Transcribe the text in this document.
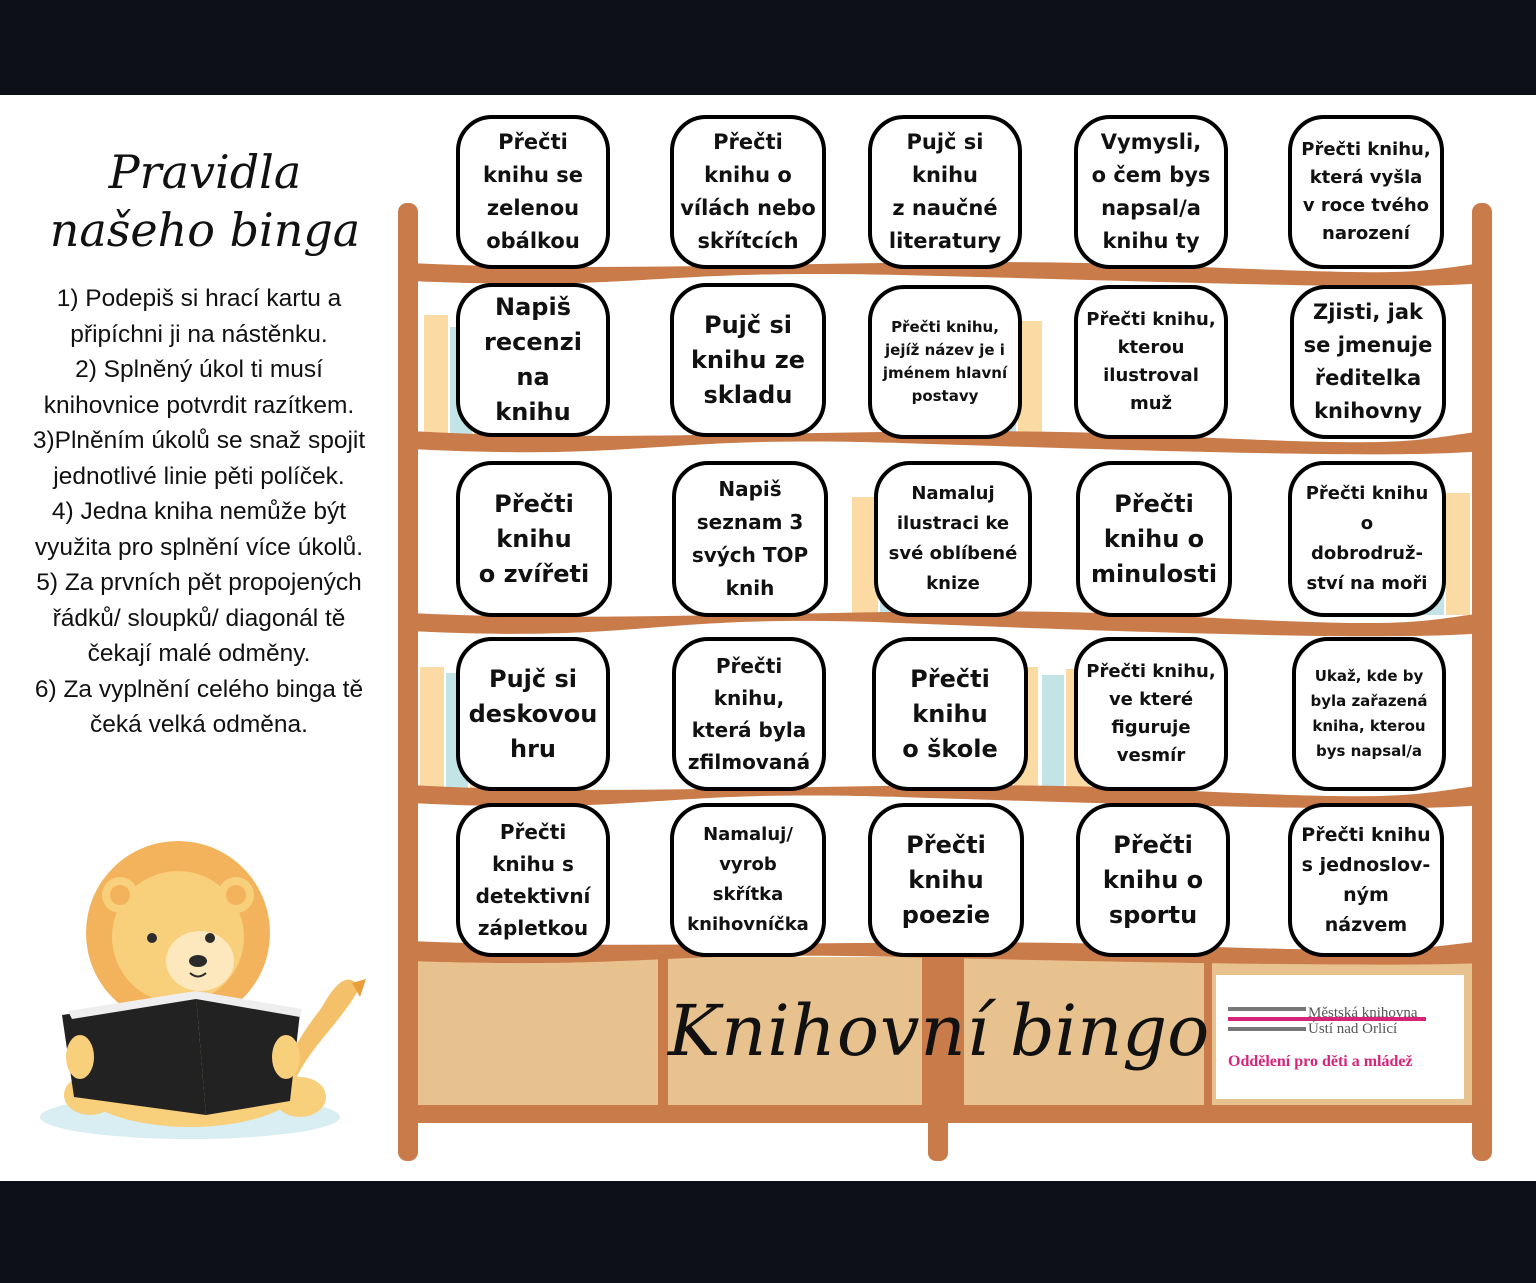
Pravidla našeho binga
1) Podepiš si hrací kartu a připíchni ji na nástěnku.
2) Splněný úkol ti musí knihovnice potvrdit razítkem.
3)Plněním úkolů se snaž spojit jednotlivé linie pěti políček.
4) Jedna kniha nemůže být využita pro splnění více úkolů.
5) Za prvních pět propojených řádků/ sloupků/ diagonál tě čekají malé odměny.
6) Za vyplnění celého binga tě čeká velká odměna.
Přečti
knihu se
zelenou
obálkou
Přečti
knihu o
vílách nebo
skřítcích
Pujč si
knihu
z naučné
literatury
Vymysli,
o čem bys
napsal/a
knihu ty
Přečti knihu,
která vyšla
v roce tvého
narození
Napiš
recenzi na
knihu
Pujč si
knihu ze
skladu
Přečti knihu,
jejíž název je i
jménem hlavní
postavy
Přečti knihu,
kterou
ilustroval
muž
Zjisti, jak
se jmenuje
ředitelka
knihovny
Přečti
knihu
o zvířeti
Napiš
seznam 3
svých TOP
knih
Namaluj
ilustraci ke
své oblíbené
knize
Přečti
knihu o
minulosti
Přečti knihu
o
dobrodruž-
ství na moři
Pujč si
deskovou
hru
Přečti
knihu,
která byla
zfilmovaná
Přečti
knihu
o škole
Přečti knihu,
ve které
figuruje
vesmír
Ukaž, kde by
byla zařazená
kniha, kterou
bys napsal/a
Přečti
knihu s
detektivní
zápletkou
Namaluj/
vyrob
skřítka
knihovníčka
Přečti
knihu
poezie
Přečti
knihu o
sportu
Přečti knihu
s jednoslov-
ným
názvem
Knihovní bingo	Městská knihovna
Ústí nad Orlicí
Oddělení pro děti a mládež
